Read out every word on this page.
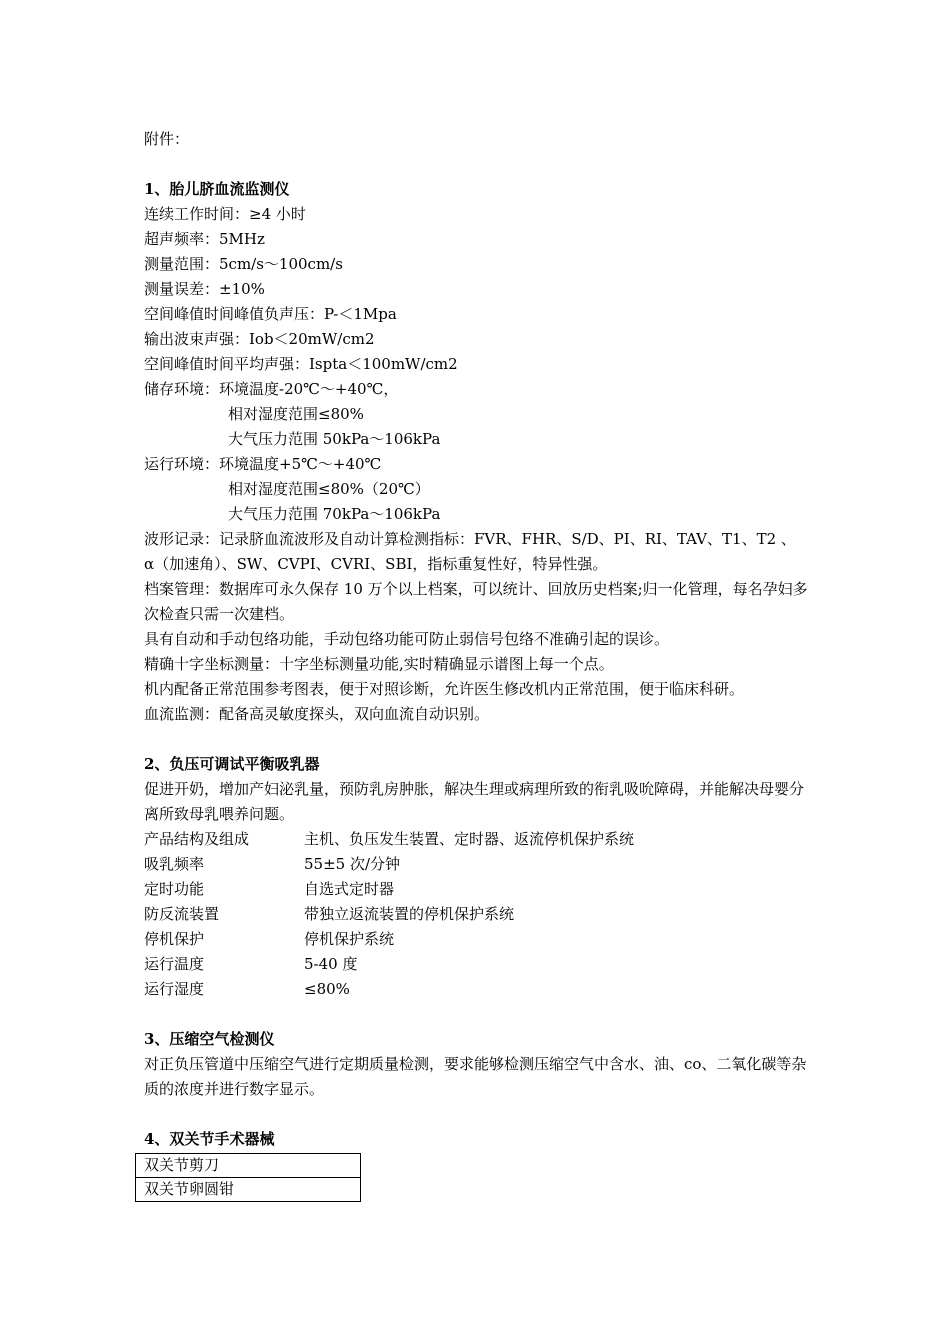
附件：
1、胎儿脐血流监测仪
连续工作时间：≥4 小时
超声频率：5MHz
测量范围：5cm/s～100cm/s
测量误差：±10%
空间峰值时间峰值负声压：P-＜1Mpa
输出波束声强：Iob＜20mW/cm2
空间峰值时间平均声强：Ispta＜100mW/cm2
储存环境：环境温度-20℃～+40℃，
相对湿度范围≤80%
大气压力范围 50kPa～106kPa
运行环境：环境温度+5℃～+40℃
相对湿度范围≤80%（20℃）
大气压力范围 70kPa～106kPa
波形记录：记录脐血流波形及自动计算检测指标：FVR、FHR、S/D、PI、RI、TAV、T1、T2 、 α（加速角）、SW、CVPI、CVRI、SBI，指标重复性好，特异性强。
档案管理：数据库可永久保存 10 万个以上档案，可以统计、回放历史档案;归一化管理，每名孕妇多次检查只需一次建档。
具有自动和手动包络功能，手动包络功能可防止弱信号包络不准确引起的误诊。
精确十字坐标测量：十字坐标测量功能,实时精确显示谱图上每一个点。
机内配备正常范围参考图表，便于对照诊断，允许医生修改机内正常范围，便于临床科研。
血流监测：配备高灵敏度探头，双向血流自动识别。
2、负压可调试平衡吸乳器
促进开奶，增加产妇泌乳量，预防乳房肿胀，解决生理或病理所致的衔乳吸吮障碍，并能解决母婴分离所致母乳喂养问题。
产品结构及组成	主机、负压发生装置、定时器、返流停机保护系统
吸乳频率	55±5 次/分钟
定时功能	自选式定时器
防反流装置	带独立返流装置的停机保护系统
停机保护	停机保护系统
运行温度	5-40 度
运行湿度	≤80%
3、压缩空气检测仪
对正负压管道中压缩空气进行定期质量检测，要求能够检测压缩空气中含水、油、co、二氧化碳等杂质的浓度并进行数字显示。
4、双关节手术器械
双关节剪刀
双关节卵圆钳
